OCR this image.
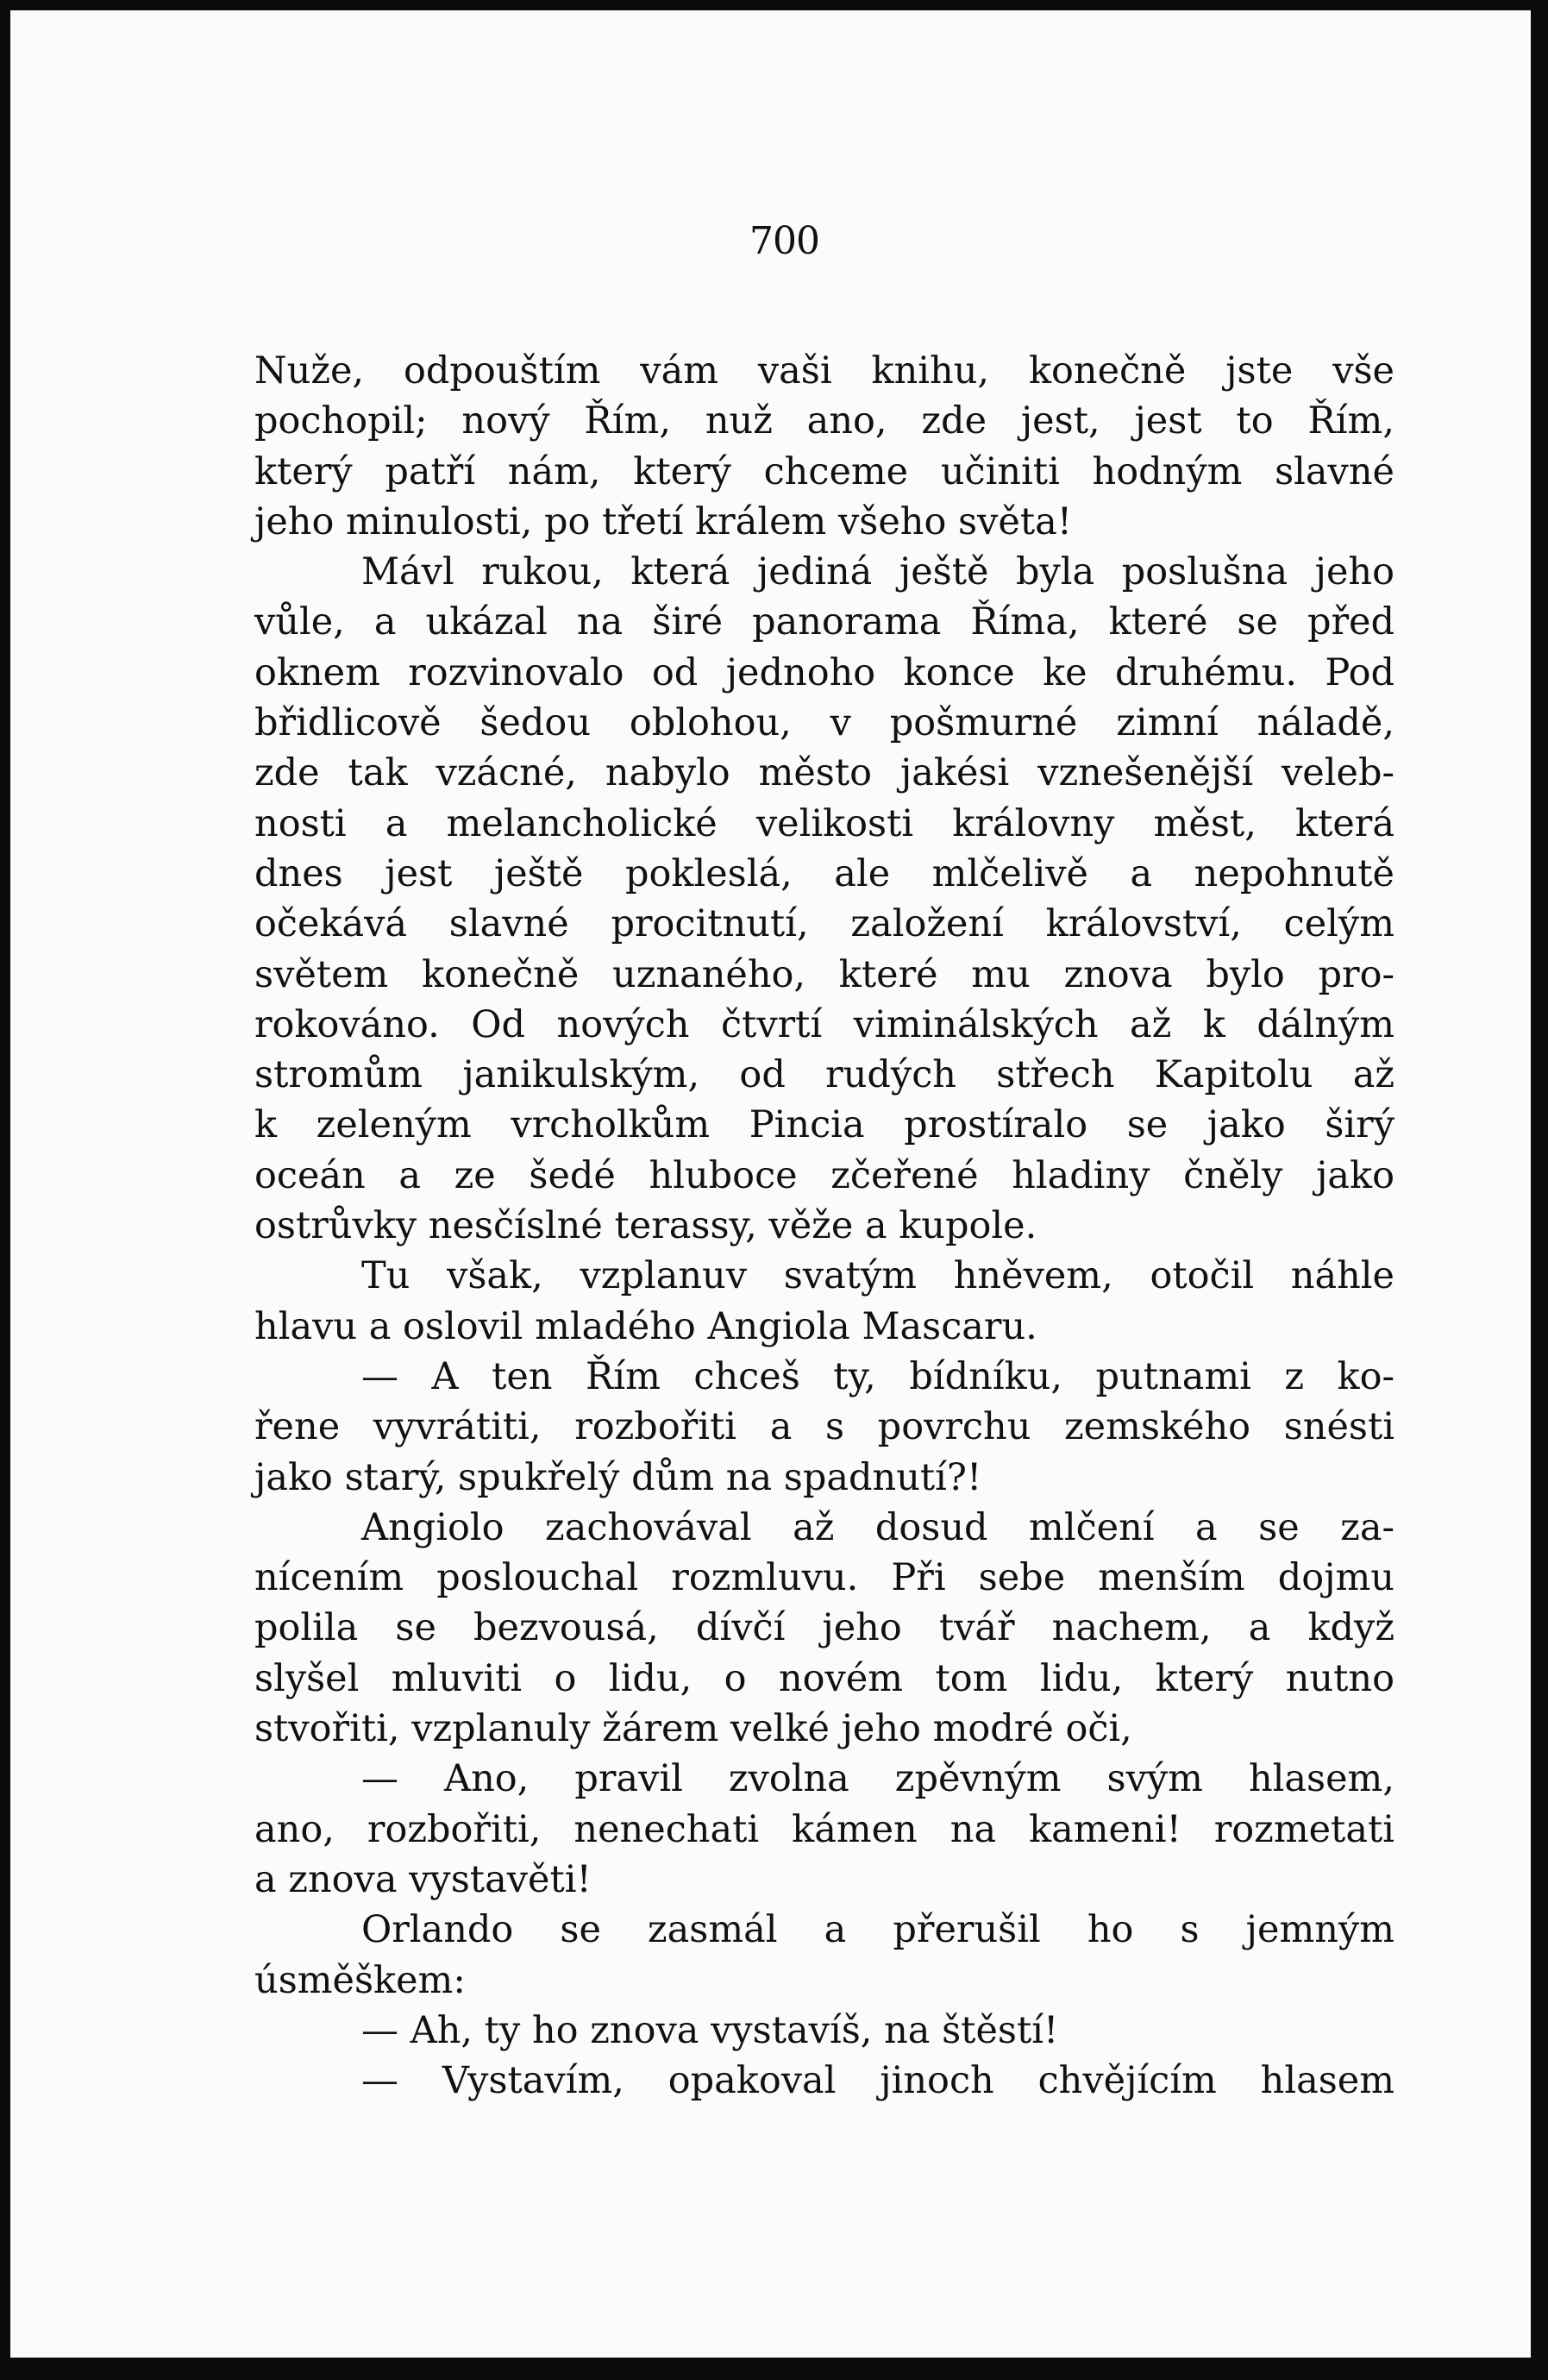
700
Nuže, odpouštím vám vaši knihu, konečně jste vše
pochopil; nový Řím, nuž ano, zde jest, jest to Řím,
který patří nám, který chceme učiniti hodným slavné
jeho minulosti, po třetí králem všeho světa!
Mávl rukou, která jediná ještě byla poslušna jeho
vůle, a ukázal na širé panorama Říma, které se před
oknem rozvinovalo od jednoho konce ke druhému. Pod
břidlicově šedou oblohou, v pošmurné zimní náladě,
zde tak vzácné, nabylo město jakési vznešenější veleb-
nosti a melancholické velikosti královny měst, která
dnes jest ještě pokleslá, ale mlčelivě a nepohnutě
očekává slavné procitnutí, založení království, celým
světem konečně uznaného, které mu znova bylo pro-
rokováno. Od nových čtvrtí viminálských až k dálným
stromům janikulským, od rudých střech Kapitolu až
k zeleným vrcholkům Pincia prostíralo se jako širý
oceán a ze šedé hluboce zčeřené hladiny čněly jako
ostrůvky nesčíslné terassy, věže a kupole.
Tu však, vzplanuv svatým hněvem, otočil náhle
hlavu a oslovil mladého Angiola Mascaru.
— A ten Řím chceš ty, bídníku, putnami z ko-
řene vyvrátiti, rozbořiti a s povrchu zemského snésti
jako starý, spukřelý dům na spadnutí?!
Angiolo zachovával až dosud mlčení a se za-
nícením poslouchal rozmluvu. Při sebe menším dojmu
polila se bezvousá, dívčí jeho tvář nachem, a když
slyšel mluviti o lidu, o novém tom lidu, který nutno
stvořiti, vzplanuly žárem velké jeho modré oči,
— Ano, pravil zvolna zpěvným svým hlasem,
ano, rozbořiti, nenechati kámen na kameni! rozmetati
a znova vystavěti!
Orlando se zasmál a přerušil ho s jemným
úsměškem:
— Ah, ty ho znova vystavíš, na štěstí!
— Vystavím, opakoval jinoch chvějícím hlasem
